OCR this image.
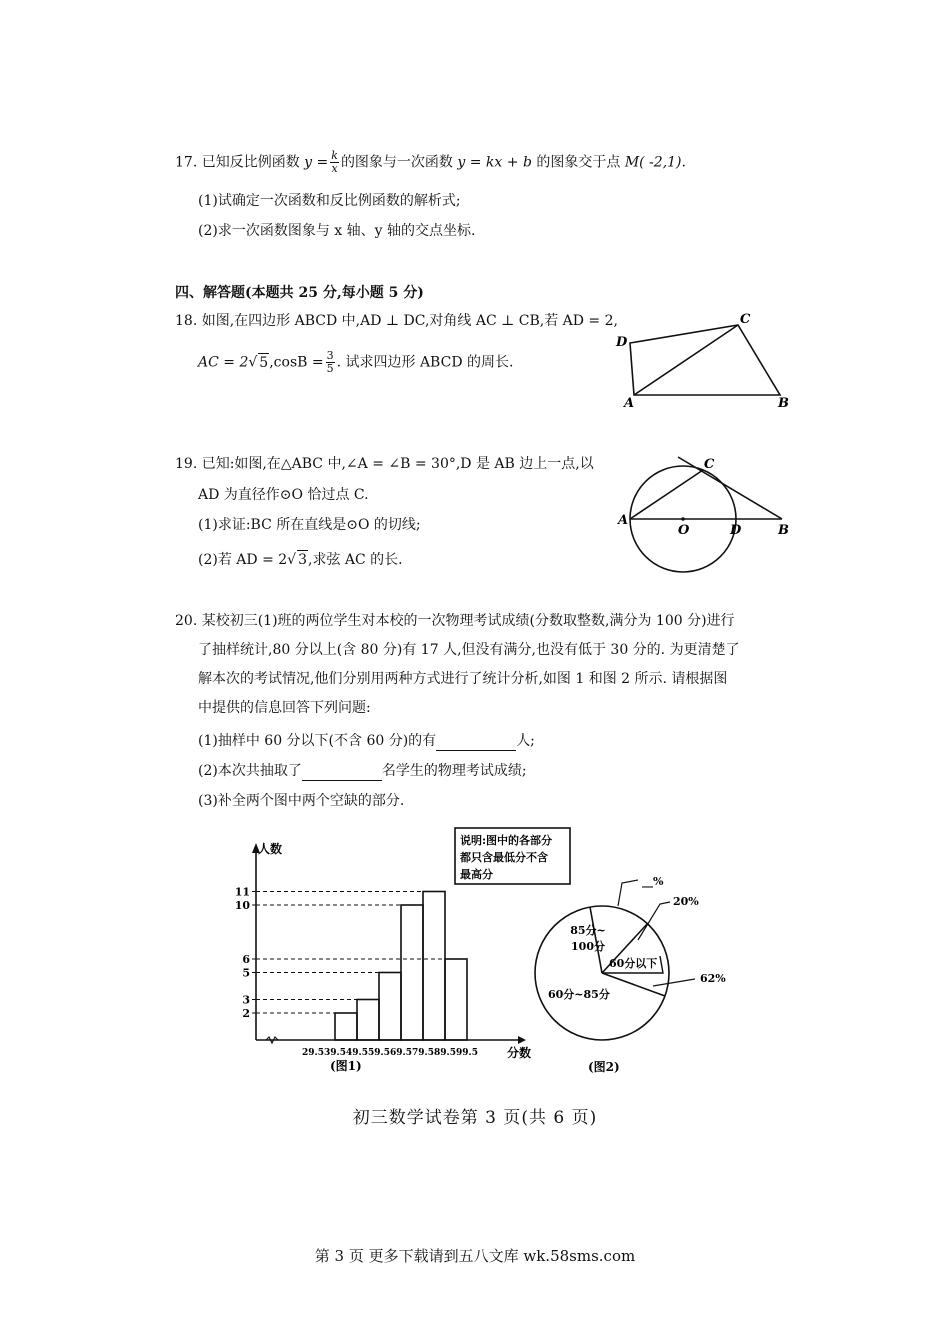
17. 已知反比例函数 $y = \frac{k}{x}$ 的图象与一次函数 y = kx + b 的图象交于点 M( -2,1).
(1)试确定一次函数和反比例函数的解析式;
(2)求一次函数图象与 x 轴、y 轴的交点坐标.
四、解答题(本题共 25 分,每小题 5 分)
18. 如图,在四边形 ABCD 中,AD ⊥ DC,对角线 AC ⊥ CB,若 AD = 2,
AC = 2√ $5,\cos B = \frac{3}{5}$ . 试求四边形 ABCD 的周长.
D
C
A	B
19. 已知:如图,在△ABC 中,∠A = ∠B = 30°,D 是 AB 边上一点,以
AD 为直径作⊙O 恰过点 C.
(1)求证:BC 所在直线是⊙O 的切线;
(2)若 AD = 2√ 3,求弦 AC 的长.
A
C
O	D	B
20. 某校初三(1)班的两位学生对本校的一次物理考试成绩(分数取整数,满分为 100 分)进行
了抽样统计,80 分以上(含 80 分)有 17 人,但没有满分,也没有低于 30 分的. 为更清楚了
解本次的考试情况,他们分别用两种方式进行了统计分析,如图 1 和图 2 所示. 请根据图
中提供的信息回答下列问题:
(1)抽样中 60 分以下(不含 60 分)的有	人;
(2)本次共抽取了	名学生的物理考试成绩;
(3)补全两个图中两个空缺的部分.
2
3
5
6
10
11
29.5 39.5 49.5 59.5 69.5 79.5 89.5 99.5
人数
分数
(图1)
说明:图中的各部分
都只含最低分不含
最高分
85分~
100分
60分以下
60分~85分
__%
20%
62%
(图2)
初三数学试卷第 3 页(共 6 页)
第 3 页 更多下载请到五八文库 wk.58sms.com
